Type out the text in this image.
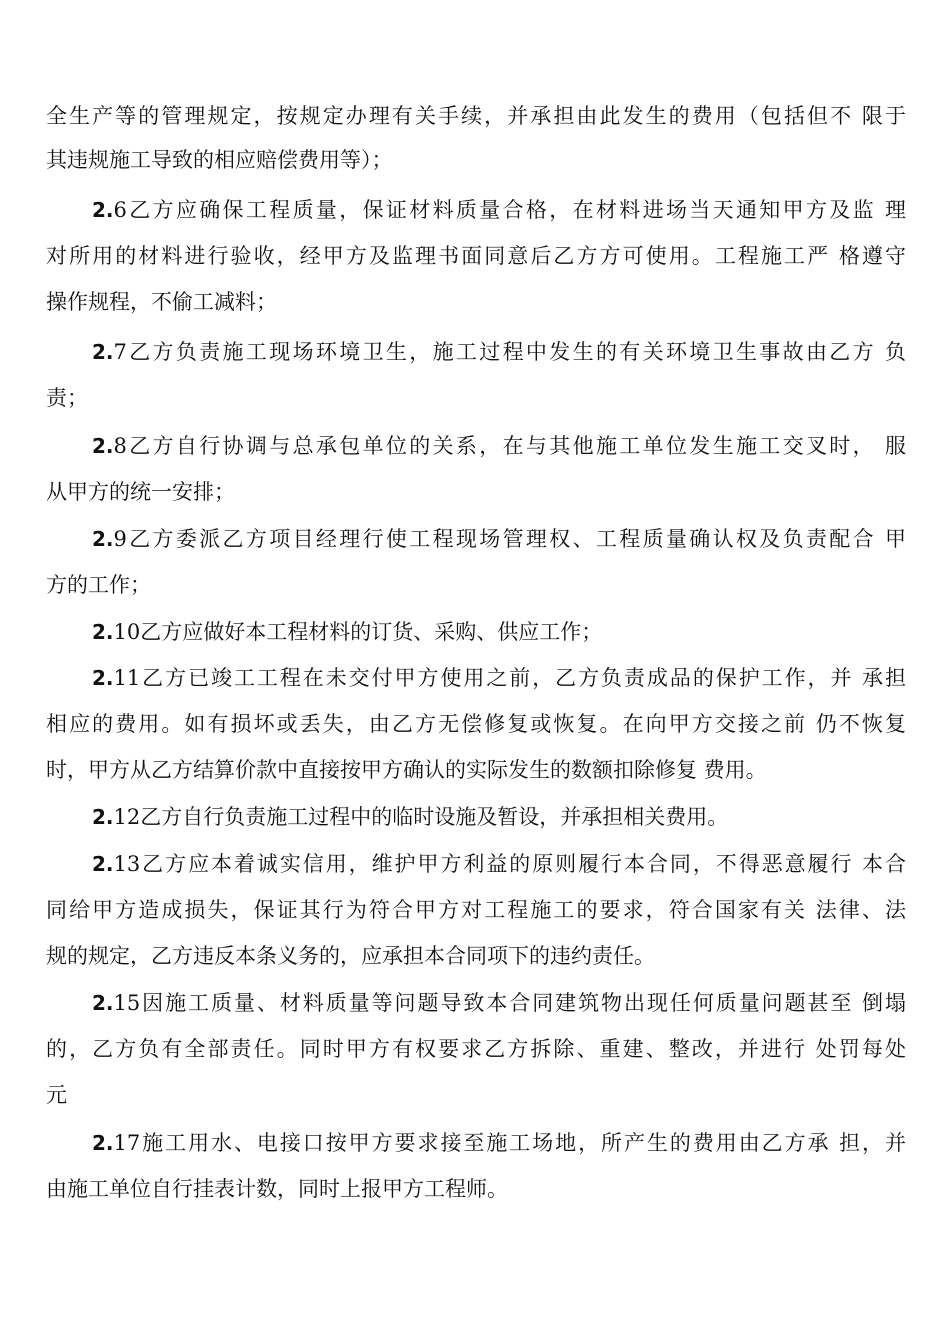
全生产等的管理规定，按规定办理有关手续，并承担由此发生的费用（包括但不 限于
其违规施工导致的相应赔偿费用等）；
2.6乙方应确保工程质量，保证材料质量合格，在材料进场当天通知甲方及监 理
对所用的材料进行验收，经甲方及监理书面同意后乙方方可使用。工程施工严 格遵守
操作规程，不偷工减料；
2.7乙方负责施工现场环境卫生，施工过程中发生的有关环境卫生事故由乙方 负
责；
2.8乙方自行协调与总承包单位的关系，在与其他施工单位发生施工交叉时， 服
从甲方的统一安排；
2.9乙方委派乙方项目经理行使工程现场管理权、工程质量确认权及负责配合 甲
方的工作；
2.10乙方应做好本工程材料的订货、采购、供应工作；
2.11乙方已竣工工程在未交付甲方使用之前，乙方负责成品的保护工作，并 承担
相应的费用。如有损坏或丢失，由乙方无偿修复或恢复。在向甲方交接之前 仍不恢复
时，甲方从乙方结算价款中直接按甲方确认的实际发生的数额扣除修复 费用。
2.12乙方自行负责施工过程中的临时设施及暂设，并承担相关费用。
2.13乙方应本着诚实信用，维护甲方利益的原则履行本合同，不得恶意履行 本合
同给甲方造成损失，保证其行为符合甲方对工程施工的要求，符合国家有关 法律、法
规的规定，乙方违反本条义务的，应承担本合同项下的违约责任。
2.15因施工质量、材料质量等问题导致本合同建筑物出现任何质量问题甚至 倒塌
的，乙方负有全部责任。同时甲方有权要求乙方拆除、重建、整改，并进行 处罚每处
元
2.17施工用水、电接口按甲方要求接至施工场地，所产生的费用由乙方承 担，并
由施工单位自行挂表计数，同时上报甲方工程师。
